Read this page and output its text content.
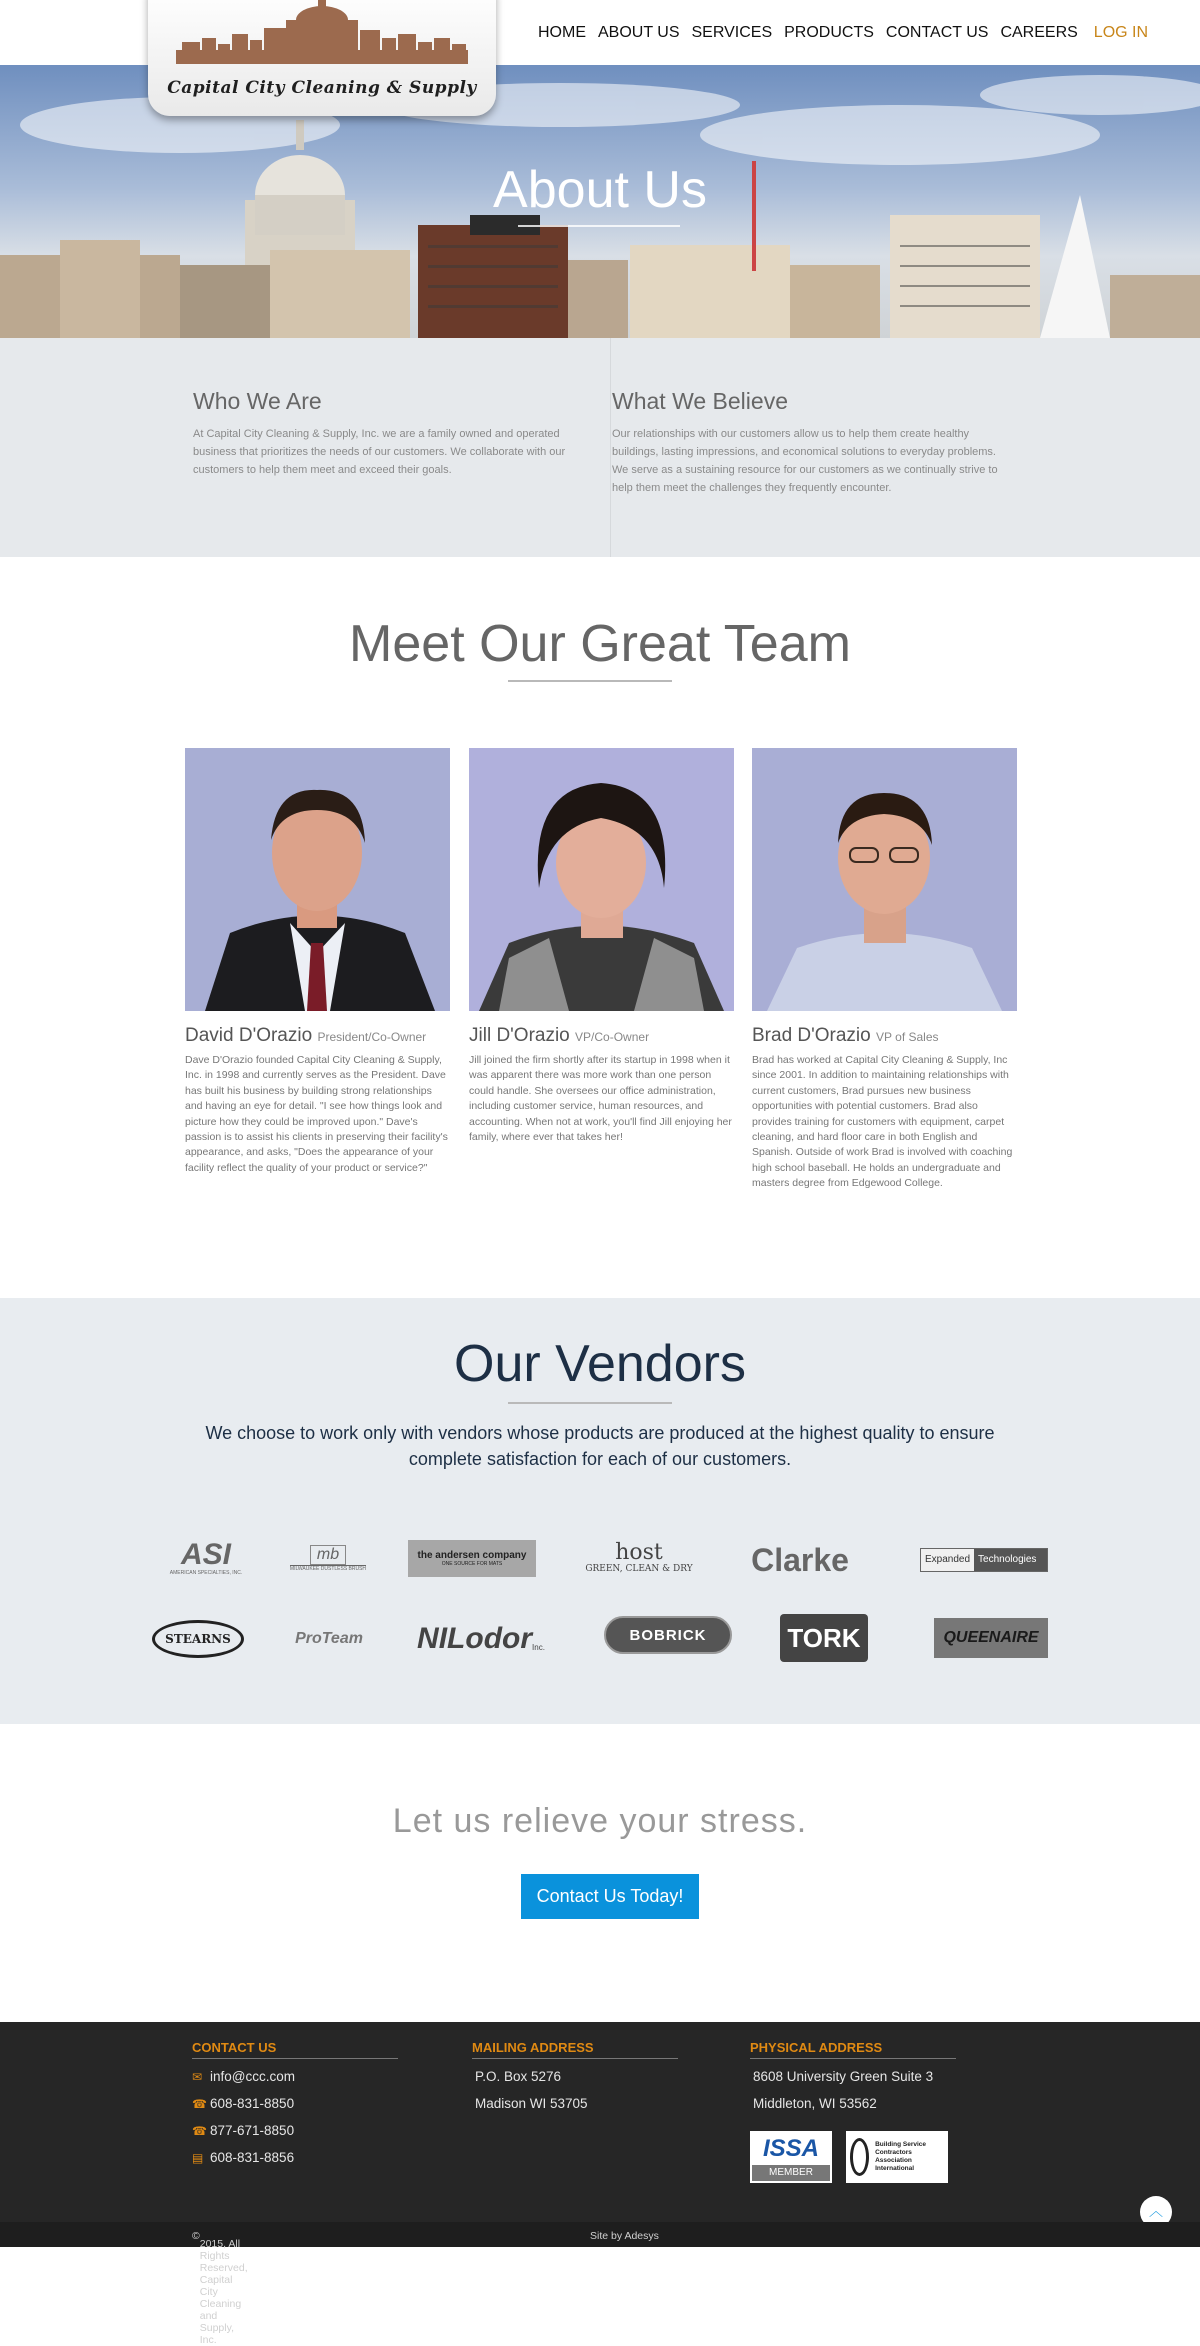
HOME ABOUT US SERVICES PRODUCTS CONTACT US CAREERS LOG IN
Capital City Cleaning & Supply
About Us
Who We Are

At Capital City Cleaning & Supply, Inc. we are a family owned and operated business that prioritizes the needs of our customers. We collaborate with our customers to help them meet and exceed their goals.

What We Believe

Our relationships with our customers allow us to help them create healthy buildings, lasting impressions, and economical solutions to everyday problems. We serve as a sustaining resource for our customers as we continually strive to help them meet the challenges they frequently encounter.

Meet Our Great Team
David D'Orazio President/Co-Owner

Dave D'Orazio founded Capital City Cleaning & Supply, Inc. in 1998 and currently serves as the President. Dave has built his business by building strong relationships and having an eye for detail. "I see how things look and picture how they could be improved upon." Dave's passion is to assist his clients in preserving their facility's appearance, and asks, "Does the appearance of your facility reflect the quality of your product or service?"

Jill D'Orazio VP/Co-Owner

Jill joined the firm shortly after its startup in 1998 when it was apparent there was more work than one person could handle. She oversees our office administration, including customer service, human resources, and accounting. When not at work, you'll find Jill enjoying her family, where ever that takes her!

Brad D'Orazio VP of Sales

Brad has worked at Capital City Cleaning & Supply, Inc since 2001. In addition to maintaining relationships with current customers, Brad pursues new business opportunities with potential customers. Brad also provides training for customers with equipment, carpet cleaning, and hard floor care in both English and Spanish. Outside of work Brad is involved with coaching high school baseball. He holds an undergraduate and masters degree from Edgewood College.

Our Vendors
We choose to work only with vendors whose products are produced at the highest quality to ensure complete satisfaction for each of our customers.
ASI
AMERICAN SPECIALTIES, INC.
mb
MILWAUKEE DUSTLESS BRUSH
the andersen company
ONE SOURCE FOR MATS	host
GREEN, CLEAN & DRY Clarke	Expanded Technologies
STEARNS	ProTeam NILodor Inc.
BOBRICK	TORK	QUEENAIRE
Let us relieve your stress.
Contact Us Today!
CONTACT US
✉ info@ccc.com
☎ 608-831-8850
☎ 877-671-8850
▤ 608-831-8856
MAILING ADDRESS
P.O. Box 5276
Madison WI 53705
PHYSICAL ADDRESS
8608 University Green Suite 3
Middleton, WI 53562
ISSA
MEMBER
Building Service Contractors Association International
︿
©
2015, All Rights Reserved, Capital City Cleaning and Supply, Inc.
Site by Adesys
